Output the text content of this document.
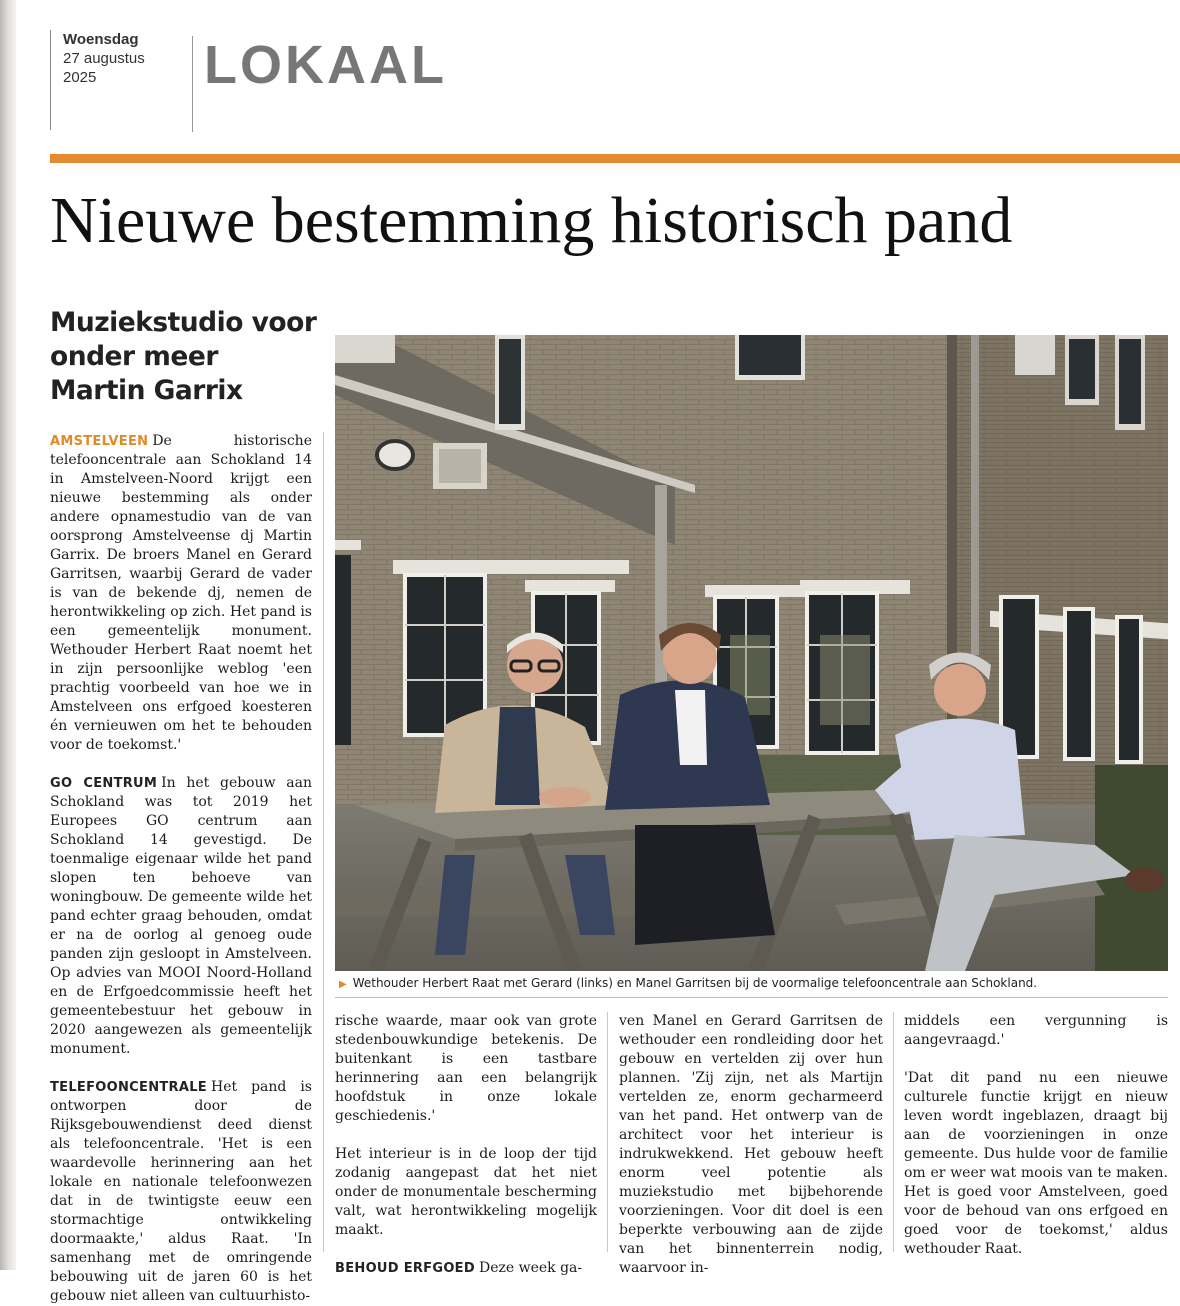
Woensdag
27 augustus
2025	LOKAAL
Nieuwe bestemming historisch pand
Muziekstudio voor onder meer Martin Garrix

AMSTELVEEN De historische telefooncentrale aan Schokland 14 in Amstelveen-Noord krijgt een nieuwe bestemming als onder andere opnamestudio van de van oorsprong Amstelveense dj Martin Garrix. De broers Manel en Gerard Garritsen, waarbij Gerard de vader is van de bekende dj, nemen de herontwikkeling op zich. Het pand is een gemeentelijk monument. Wethouder Herbert Raat noemt het in zijn persoonlijke weblog 'een prachtig voorbeeld van hoe we in Amstelveen ons erfgoed koesteren én vernieuwen om het te behouden voor de toekomst.'

GO CENTRUM In het gebouw aan Schokland was tot 2019 het Europees GO centrum aan Schokland 14 gevestigd. De toenmalige eigenaar wilde het pand slopen ten behoeve van woningbouw. De gemeente wilde het pand echter graag behouden, omdat er na de oorlog al genoeg oude panden zijn gesloopt in Amstelveen. Op advies van MOOI Noord-Holland en de Erfgoedcommissie heeft het gemeentebestuur het gebouw in 2020 aangewezen als gemeentelijk monument.

TELEFOONCENTRALE Het pand is ontworpen door de Rijksgebouwendienst deed dienst als telefooncentrale. 'Het is een waardevolle herinnering aan het lokale en nationale telefoonwezen dat in de twintigste eeuw een stormachtige ontwikkeling doormaakte,' aldus Raat. 'In samenhang met de omringende bebouwing uit de jaren 60 is het gebouw niet alleen van cultuurhisto-

▶ Wethouder Herbert Raat met Gerard (links) en Manel Garritsen bij de voormalige telefooncentrale aan Schokland.

rische waarde, maar ook van grote stedenbouwkundige betekenis. De buitenkant is een tastbare herinnering aan een belangrijk hoofdstuk in onze lokale geschiedenis.'

Het interieur is in de loop der tijd zodanig aangepast dat het niet onder de monumentale bescherming valt, wat herontwikkeling mogelijk maakt.

BEHOUD ERFGOED Deze week ga-

ven Manel en Gerard Garritsen de wethouder een rondleiding door het gebouw en vertelden zij over hun plannen. 'Zij zijn, net als Martijn vertelden ze, enorm gecharmeerd van het pand. Het ontwerp van de architect voor het interieur is indrukwekkend. Het gebouw heeft enorm veel potentie als muziekstudio met bijbehorende voorzieningen. Voor dit doel is een beperkte verbouwing aan de zijde van het binnenterrein nodig, waarvoor in-

middels een vergunning is aangevraagd.'

'Dat dit pand nu een nieuwe culturele functie krijgt en nieuw leven wordt ingeblazen, draagt bij aan de voorzieningen in onze gemeente. Dus hulde voor de familie om er weer wat moois van te maken. Het is goed voor Amstelveen, goed voor de behoud van ons erfgoed en goed voor de toekomst,' aldus wethouder Raat.
